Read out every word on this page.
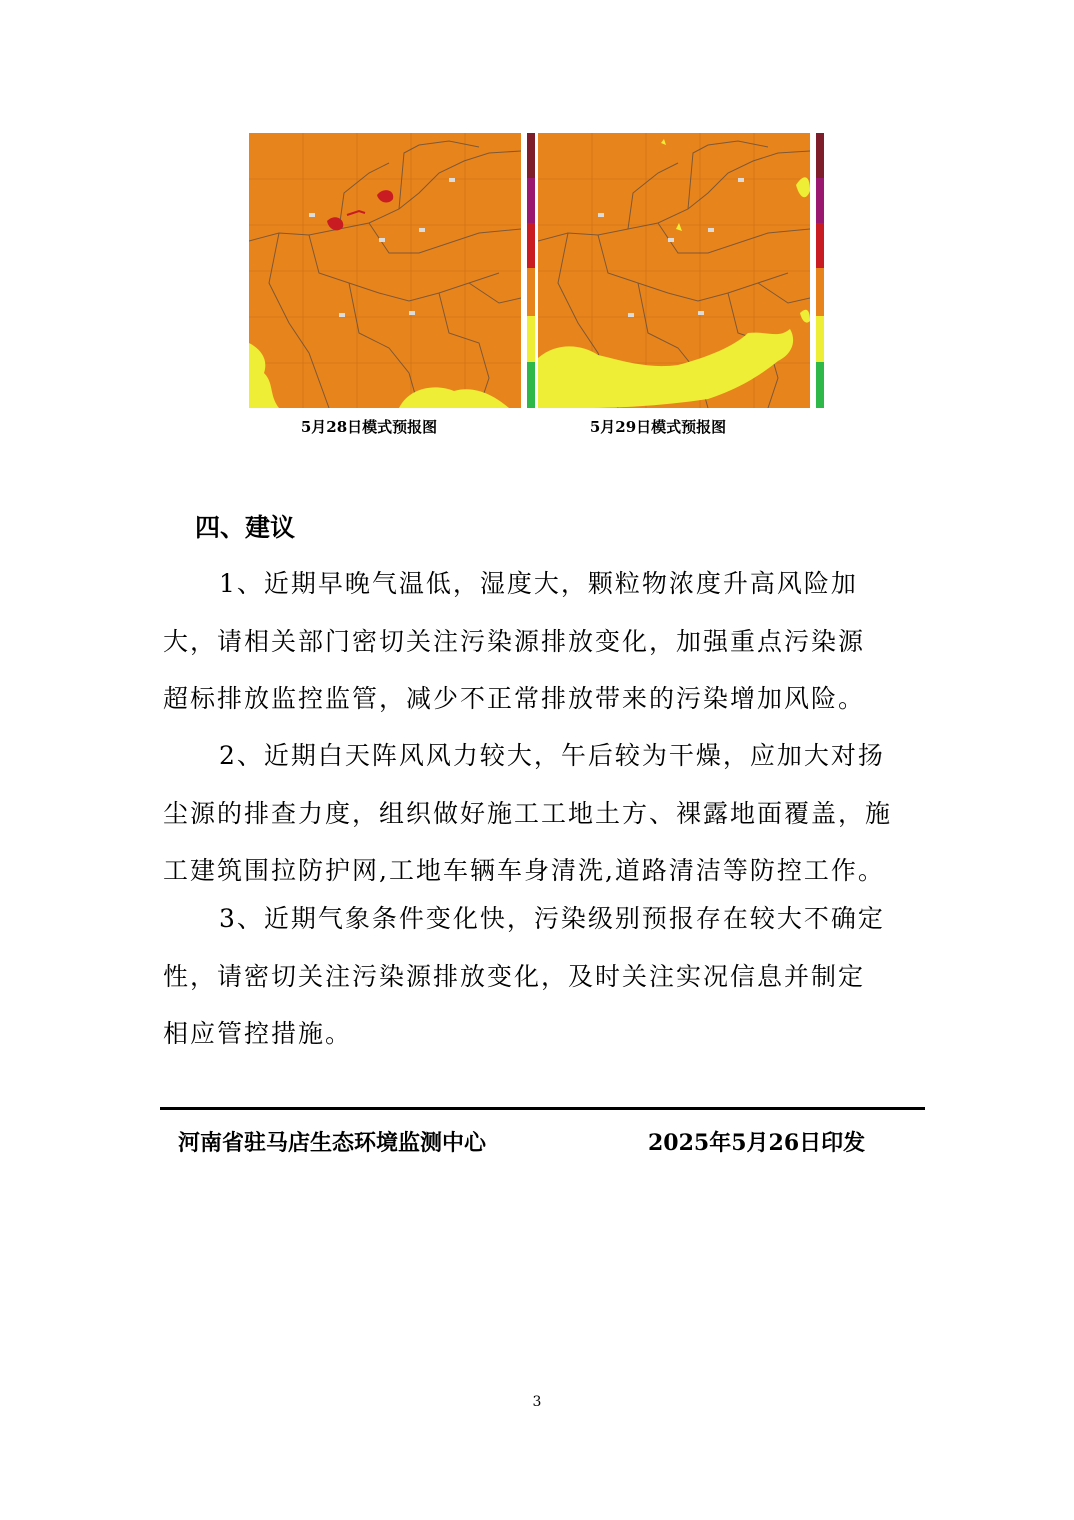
5月28日模式预报图	5月29日模式预报图
四、建议
1、近期早晚气温低，湿度大，颗粒物浓度升高风险加
大，请相关部门密切关注污染源排放变化，加强重点污染源
超标排放监控监管，减少不正常排放带来的污染增加风险。
2、近期白天阵风风力较大，午后较为干燥，应加大对扬
尘源的排查力度，组织做好施工工地土方、裸露地面覆盖，施
工建筑围拉防护网,工地车辆车身清洗,道路清洁等防控工作。
3、近期气象条件变化快，污染级别预报存在较大不确定
性，请密切关注污染源排放变化，及时关注实况信息并制定
相应管控措施。
河南省驻马店生态环境监测中心	2025年5月26日印发
3
